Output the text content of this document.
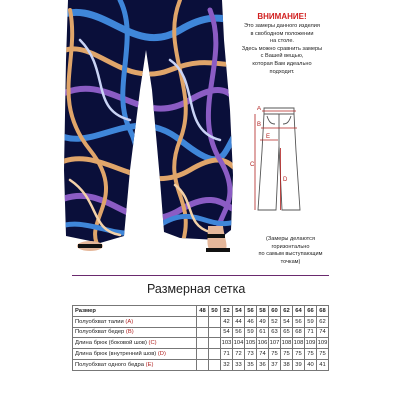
ВНИМАНИЕ!
Это замеры данного изделия
в свободном положении
на столе.
Здесь можно сравнить замеры
с Вашей вещью,
которая Вам идеально
подходит.
A
B
C
D
E
(Замеры делаются
горизонтально
по самым выступающим
точкам)
Размерная сетка
Размер	48	50	52	54	56	58	60	62	64	66	68
Полуобхват талии (A)			42	44	46	49	52	54	56	59	62
Полуобхват бедер (B)			54	56	59	61	63	65	68	71	74
Длина брюк (боковой шов) (C)			103	104	105	106	107	108	108	109	109
Длина брюк (внутренний шов) (D)			71	72	73	74	75	75	75	75	75
Полуобхват одного бедра (E)			32	33	35	36	37	38	39	40	41
